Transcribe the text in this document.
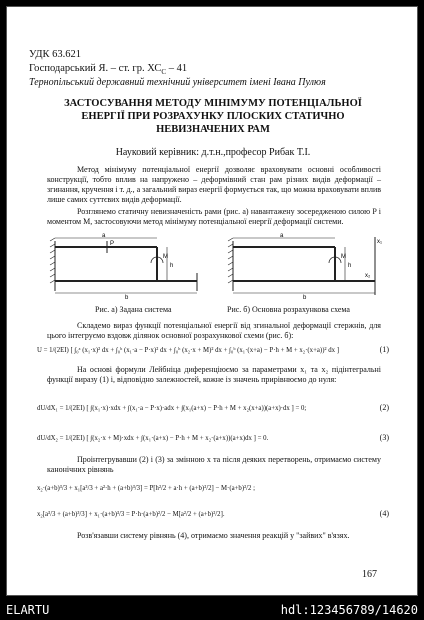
УДК 63.621
Господарський Я. – ст. гр. $ХС_С - 41$
Тернопільський державний технічний університет імені Івана Пулюя
ЗАСТОСУВАННЯ МЕТОДУ МІНІМУМУ ПОТЕНЦІАЛЬНОЇ
ЕНЕРГІЇ ПРИ РОЗРАХУНКУ ПЛОСКИХ СТАТИЧНО
НЕВИЗНАЧЕНИХ РАМ
Науковий керівник: д.т.н.,професор Рибак Т.І.
Метод мінімуму потенціальної енергії дозволяє враховувати основні особливості конструкції, тобто вплив на напружено – деформівний стан рам різних видів деформації – згинання, кручення і т. д., а загальний вираз енергії формується так, що можна враховувати вплив лише самих суттєвих видів деформації.
Розглянемо статичну невизначеність рами (рис. а) навантажену зосередженою силою P і моментом M, застосовуючи метод мінімуму потенціальної енергії деформації системи.
a
b
h
P
M
a
b
h
M
x₁
x₂
Рис. а) Задана система	Рис. б) Основна розрахункова схема
Складемо вираз функції потенціальної енергії від згинальної деформації стержнів, для цього інтегруємо вздовж ділянок основної розрахункової схеми (рис. б):
U = 1/(2EI) [ ∫₀ᵃ (x₁·x)² dx + ∫₀ᵇ (x₁·a − P·x)² dx + ∫₀ʰ (x₂·x + M)² dx + ∫₀ᵇ (x₁·(x+a) − P·h + M + x₂·(x+a))² dx ]	(1)
На основі формули Лейбніца диференціюємо за параметрами x₁ та x₂ підінтегральні функції виразу (1) і, відповідно залежностей, кожне із значень прирівнюємо до нуля:
dU/dX₁ = 1/(2EI) [ ∫(x₁·x)·xdx + ∫(x₁·a − P·x)·adx + ∫(x₁(a+x) − P·h + M + x₂(x+a))(a+x)·dx ] = 0;	(2)
dU/dX₂ = 1/(2EI) [ ∫(x₂·x + M)·xdx + ∫(x₁·(a+x) − P·h + M + x₂·(a+x))(a+x)dx ] = 0.	(3)
Проінтегрувавши (2) і (3) за змінною x та після деяких перетворень, отримаємо систему канонічних рівнянь
x₂·(a+b)³/3 + x₁[a³/3 + a²·h + (a+b)³/3] = P[h²/2 + a·h + (a+b)²/2] − M·(a+b)²/2 ;
x₂[a³/3 + (a+b)³/3] + x₁·(a+b)³/3 = P·h·(a+b)²/2 − M[a²/2 + (a+b)²/2].	(4)
Розв'язавши систему рівнянь (4), отримаємо значення реакцій у "зайвих" в'язях.
167
ELARTU	hdl:123456789/14620
